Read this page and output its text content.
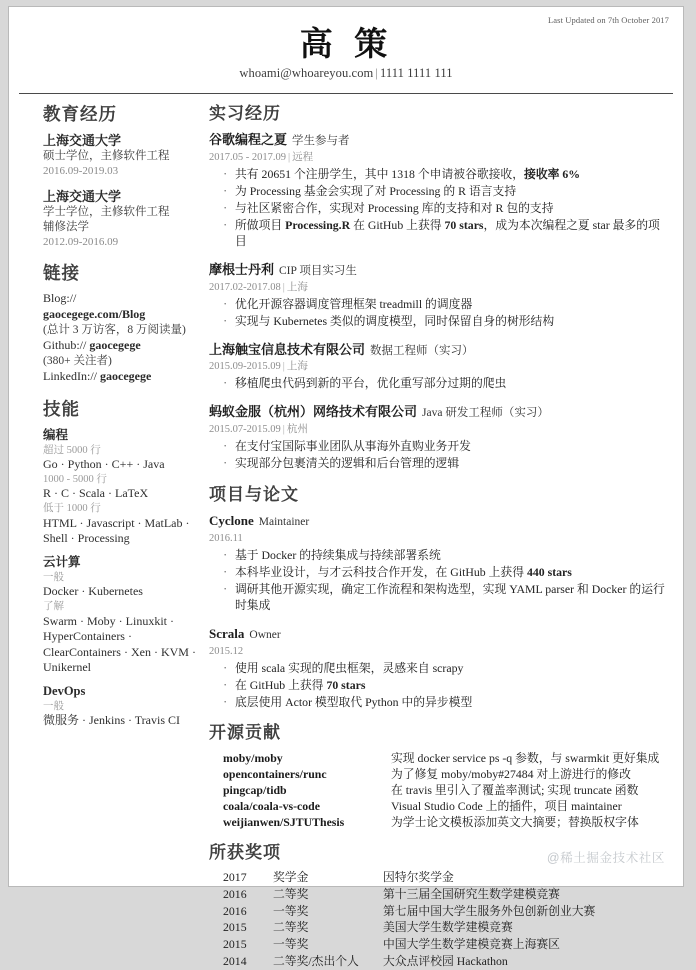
Last Updated on 7th October 2017
高 策
whoami@whoareyou.com | 1111 1111 111
教育经历
上海交通大学
硕士学位，主修软件工程
2016.09-2019.03
上海交通大学
学士学位，主修软件工程
辅修法学
2012.09-2016.09
链接
Blog://
gaocegege.com/Blog
(总计 3 万访客，8 万阅读量)
Github:// gaocegege
(380+ 关注者)
LinkedIn:// gaocegege
技能
编程
超过 5000 行
Go · Python · C++ · Java
1000 - 5000 行
R · C · Scala · LaTeX
低于 1000 行
HTML · Javascript · MatLab · Shell · Processing
云计算
一般
Docker · Kubernetes
了解
Swarm · Moby · Linuxkit · HyperContainers · ClearContainers · Xen · KVM · Unikernel
DevOps
一般
微服务 · Jenkins · Travis CI
实习经历
谷歌编程之夏 学生参与者
2017.05 - 2017.09 | 远程
· 共有 20651 个注册学生，其中 1318 个申请被谷歌接收，接收率 6%
· 为 Processing 基金会实现了对 Processing 的 R 语言支持
· 与社区紧密合作，实现对 Processing 库的支持和对 R 包的支持
· 所做项目 Processing.R 在 GitHub 上获得 70 stars，成为本次编程之夏 star 最多的项目
摩根士丹利 CIP 项目实习生
2017.02-2017.08 | 上海
· 优化开源容器调度管理框架 treadmill 的调度器
· 实现与 Kubernetes 类似的调度模型，同时保留自身的树形结构
上海触宝信息技术有限公司 数据工程师（实习）
2015.09-2015.09 | 上海
· 移植爬虫代码到新的平台，优化重写部分过期的爬虫
蚂蚁金服（杭州）网络技术有限公司 Java 研发工程师（实习）
2015.07-2015.09 | 杭州
· 在支付宝国际事业团队从事海外直购业务开发
· 实现部分包裹清关的逻辑和后台管理的逻辑
项目与论文
Cyclone Maintainer
2016.11
· 基于 Docker 的持续集成与持续部署系统
· 本科毕业设计，与才云科技合作开发，在 GitHub 上获得 440 stars
· 调研其他开源实现，确定工作流程和架构选型，实现 YAML parser 和 Docker 的运行时集成
Scrala Owner
2015.12
· 使用 scala 实现的爬虫框架，灵感来自 scrapy
· 在 GitHub 上获得 70 stars
· 底层使用 Actor 模型取代 Python 中的异步模型
开源贡献
moby/moby	实现 docker service ps -q 参数，与 swarmkit 更好集成
opencontainers/runc	为了修复 moby/moby#27484 对上游进行的修改
pingcap/tidb	在 travis 里引入了覆盖率测试; 实现 truncate 函数
coala/coala-vs-code	Visual Studio Code 上的插件，项目 maintainer
weijianwen/SJTUThesis	为学士论文模板添加英文大摘要；替换版权字体
所获奖项
2017	奖学金	因特尔奖学金
2016	二等奖	第十三届全国研究生数学建模竞赛
2016	一等奖	第七届中国大学生服务外包创新创业大赛
2015	二等奖	美国大学生数学建模竞赛
2015	一等奖	中国大学生数学建模竞赛上海赛区
2014	二等奖/杰出个人	大众点评校园 Hackathon
@稀土掘金技术社区
